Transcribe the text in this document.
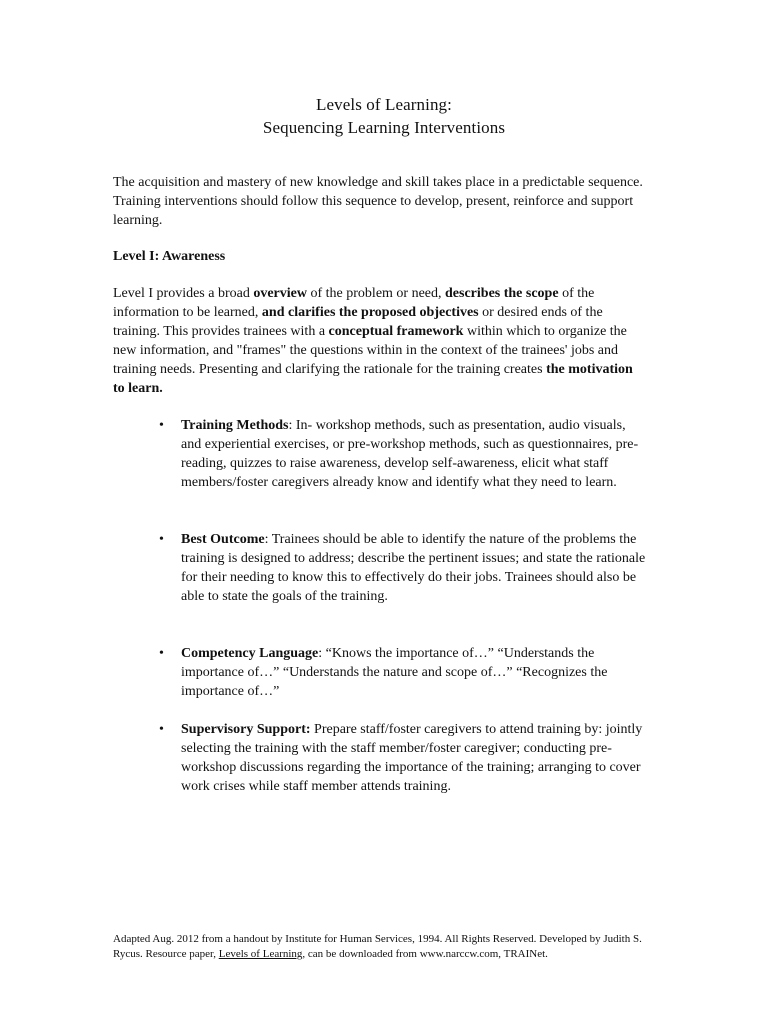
Levels of Learning:
Sequencing Learning Interventions
The acquisition and mastery of new knowledge and skill takes place in a predictable sequence. Training interventions should follow this sequence to develop, present, reinforce and support learning.
Level I: Awareness
Level I provides a broad overview of the problem or need, describes the scope of the information to be learned, and clarifies the proposed objectives or desired ends of the training. This provides trainees with a conceptual framework within which to organize the new information, and "frames" the questions within in the context of the trainees' jobs and training needs. Presenting and clarifying the rationale for the training creates the motivation to learn.
•	Training Methods: In- workshop methods, such as presentation, audio visuals, and experiential exercises, or pre-workshop methods, such as questionnaires, pre-reading, quizzes to raise awareness, develop self-awareness, elicit what staff members/foster caregivers already know and identify what they need to learn.
•	Best Outcome: Trainees should be able to identify the nature of the problems the training is designed to address; describe the pertinent issues; and state the rationale for their needing to know this to effectively do their jobs. Trainees should also be able to state the goals of the training.
•	Competency Language: “Knows the importance of…” “Understands the importance of…” “Understands the nature and scope of…” “Recognizes the importance of…”
•	Supervisory Support: Prepare staff/foster caregivers to attend training by: jointly selecting the training with the staff member/foster caregiver; conducting pre-workshop discussions regarding the importance of the training; arranging to cover work crises while staff member attends training.
Adapted Aug. 2012 from a handout by Institute for Human Services, 1994. All Rights Reserved. Developed by Judith S. Rycus. Resource paper, Levels of Learning, can be downloaded from www.narccw.com, TRAINet.
